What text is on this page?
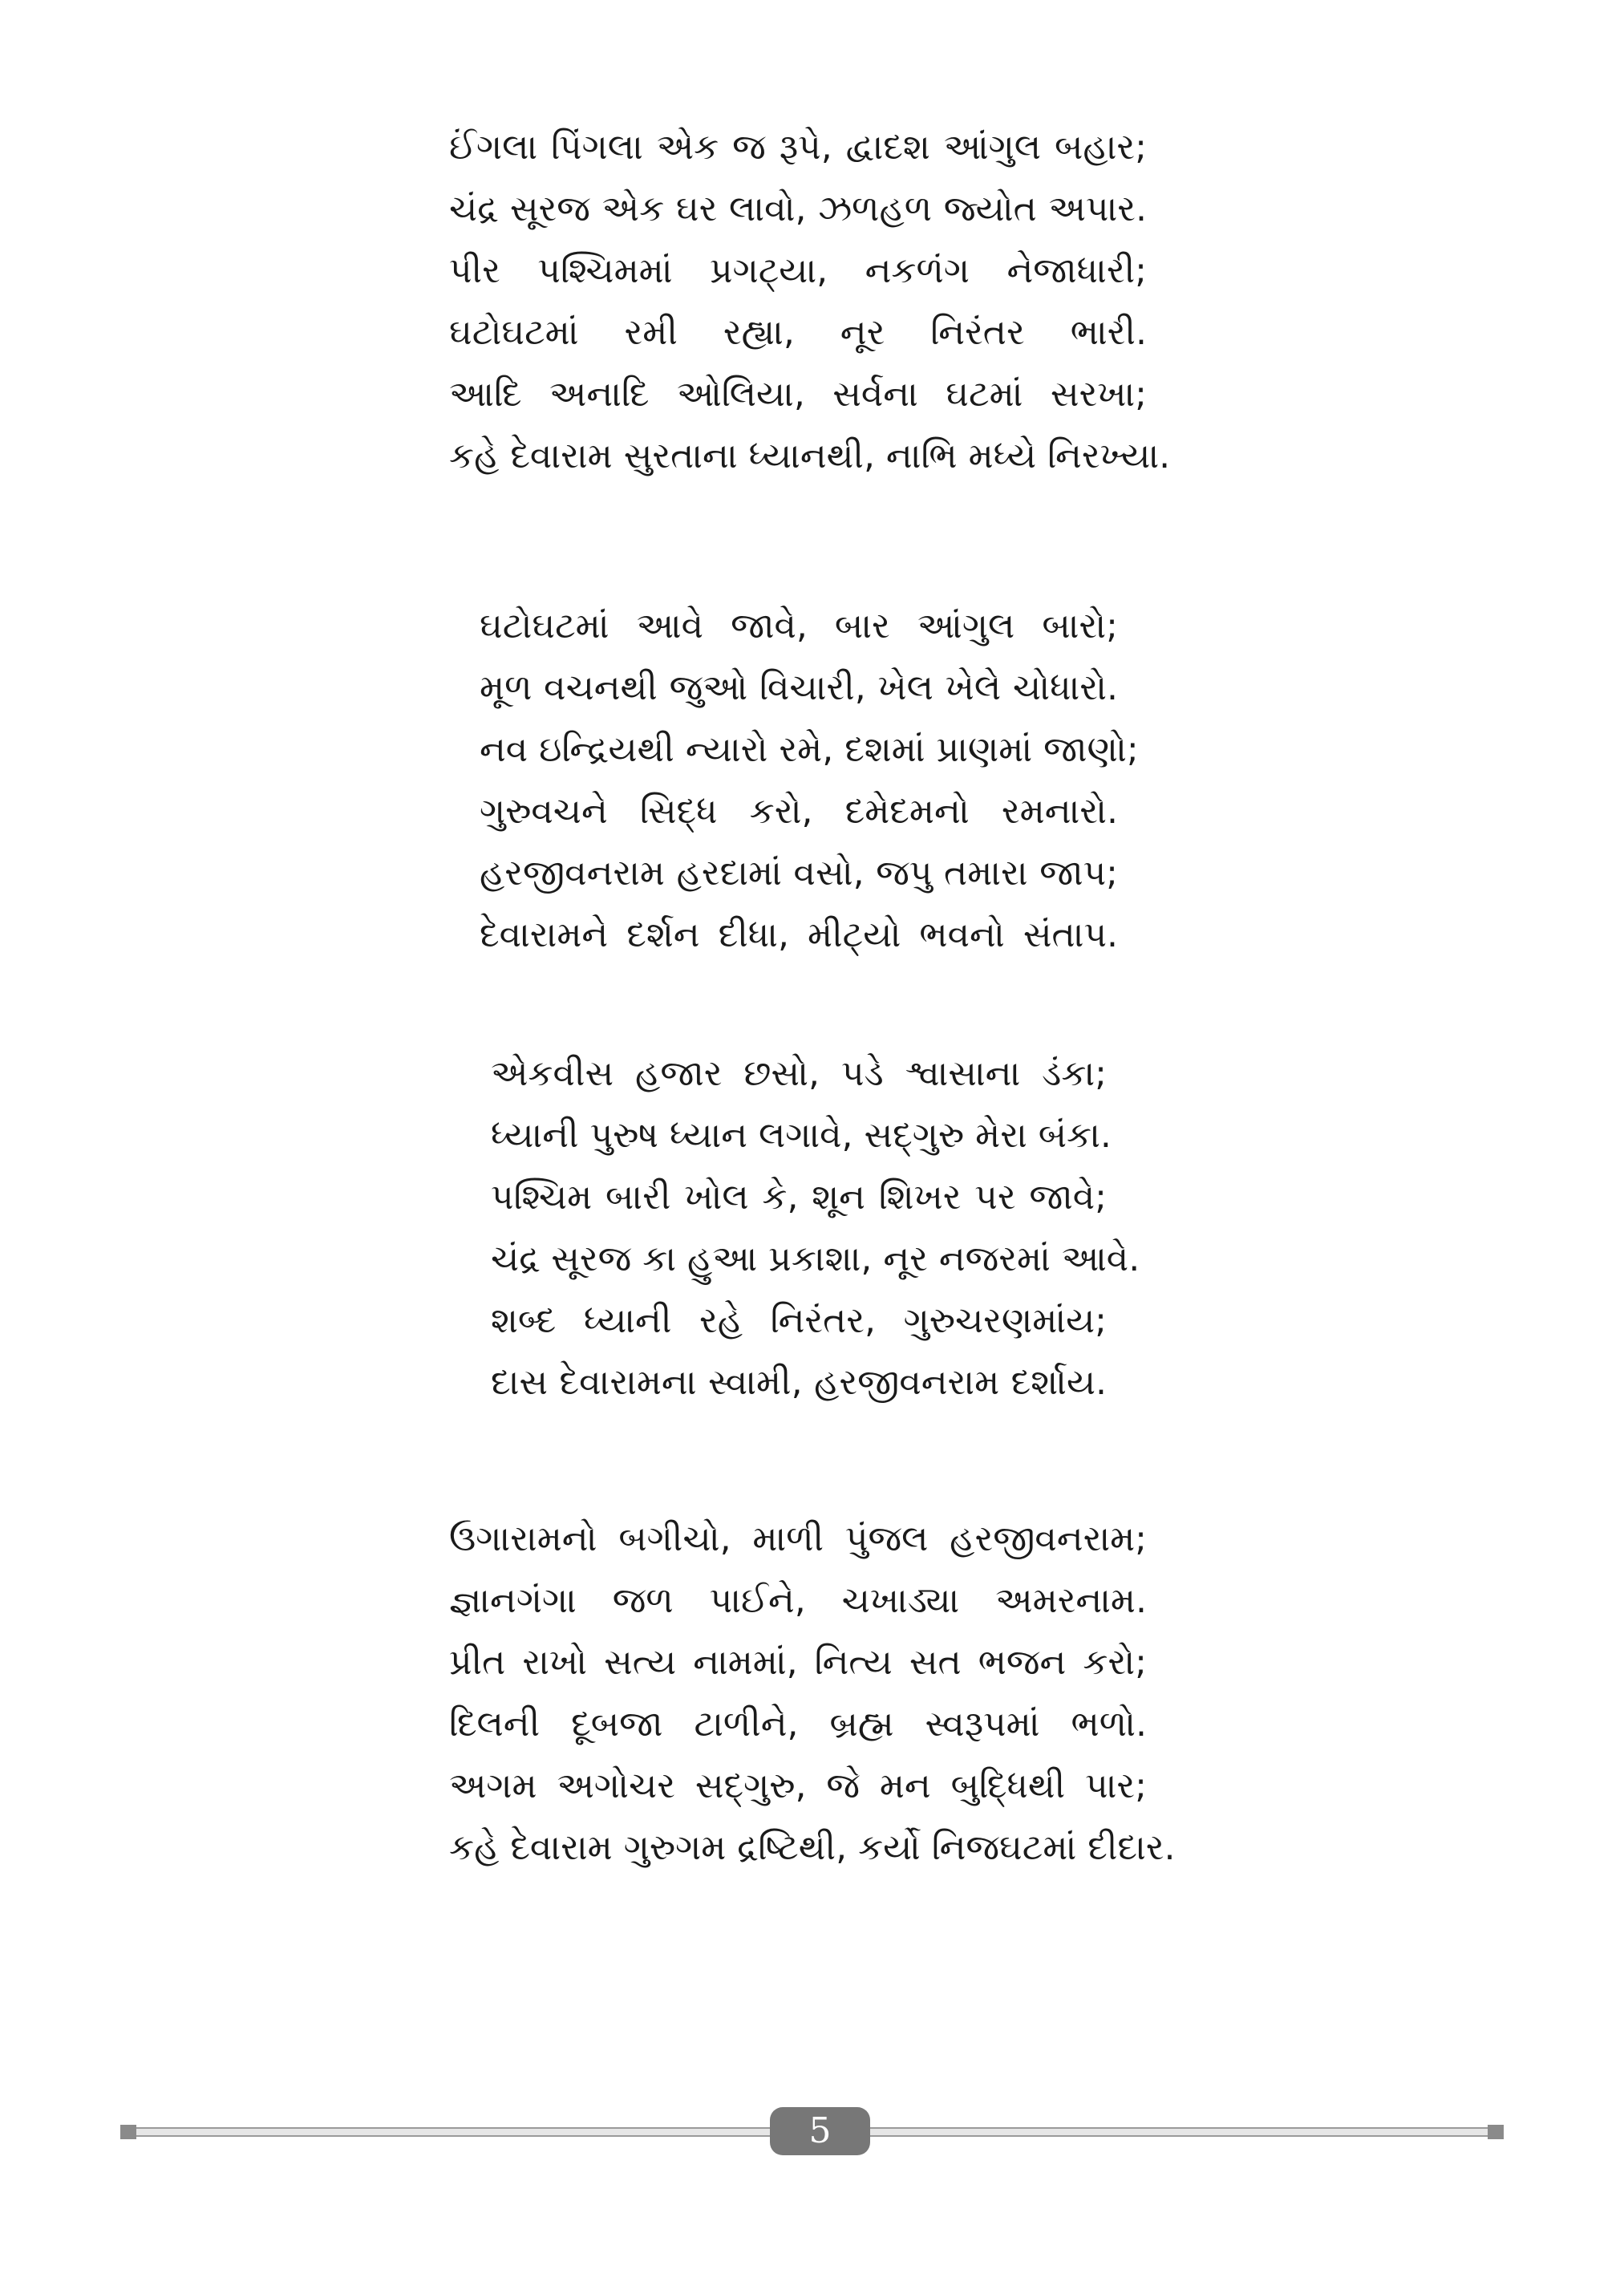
ઈંગલા પિંગલા એક જ રૂપે, દ્વાદશ આંગુલ બહાર;
ચંદ્ર સૂરજ એક ઘર લાવો, ઝળહળ જ્યોત અપાર.
પીર પશ્ચિમમાં પ્રગટ્યા, નકળંગ નેજાધારી;
ઘટોઘટમાં રમી રહ્યા, નૂર નિરંતર ભારી.
આદિ અનાદિ ઓલિયા, સર્વના ઘટમાં સરખા;
કહે દેવારામ સુરતાના ધ્યાનથી, નાભિ મધ્યે નિરખ્યા.
ઘટોઘટમાં આવે જાવે, બાર આંગુલ બારો;
મૂળ વચનથી જુઓ વિચારી, ખેલ ખેલે ચોધારો.
નવ ઇન્દ્રિયથી ન્યારો રમે, દશમાં પ્રાણમાં જાણો;
ગુરુવચને સિદ્ધ કરો, દમેદમનો રમનારો.
હરજીવનરામ હરદામાં વસો, જપુ તમારા જાપ;
દેવારામને દર્શન દીધા, મીટ્યો ભવનો સંતાપ.
એકવીસ હજાર છસો, પડે શ્વાસાના ડંકા;
ધ્યાની પુરુષ ધ્યાન લગાવે, સદ્‌ગુરુ મેરા બંકા.
પશ્ચિમ બારી ખોલ કે, શૂન શિખર પર જાવે;
ચંદ્ર સૂરજ કા હુઆ પ્રકાશા, નૂર નજરમાં આવે.
શબ્દ ધ્યાની રહે નિરંતર, ગુરુચરણમાંય;
દાસ દેવારામના સ્વામી, હરજીવનરામ દર્શાય.
ઉગારામનો બગીચો, માળી પુંજલ હરજીવનરામ;
જ્ઞાનગંગા જળ પાઈને, ચખાડ્યા અમરનામ.
પ્રીત રાખો સત્ય નામમાં, નિત્ય સત ભજન કરો;
દિલની દૂબજા ટાળીને, બ્રહ્મ સ્વરૂપમાં ભળો.
અગમ અગોચર સદ્‌ગુરુ, જે મન બુદ્ધિથી પાર;
કહે દેવારામ ગુરુગમ દ્રષ્ટિથી, કર્યો નિજઘટમાં દીદાર.
5
